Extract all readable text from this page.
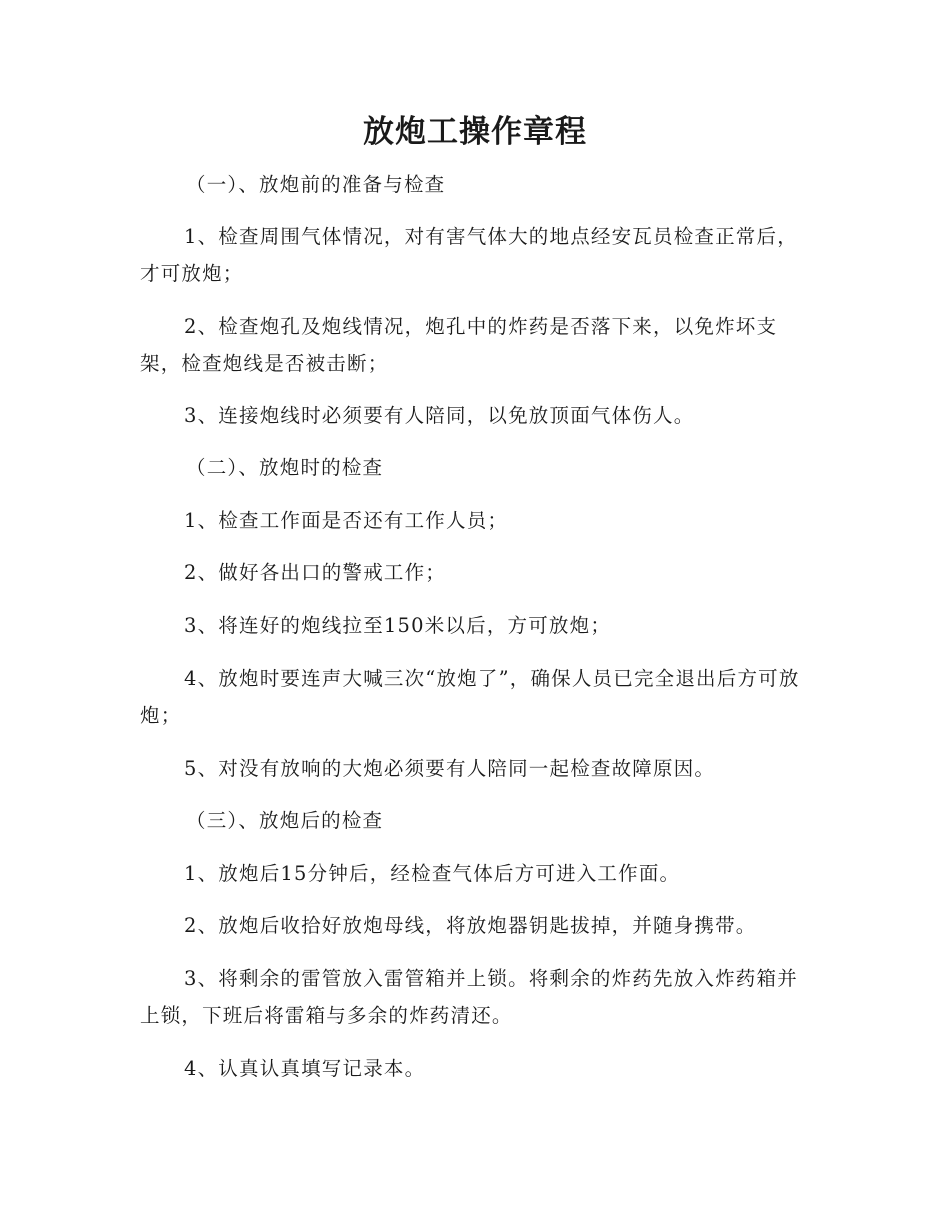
放炮工操作章程

（一）、放炮前的准备与检查

1、检查周围气体情况，对有害气体大的地点经安瓦员检查正常后，才可放炮；

2、检查炮孔及炮线情况，炮孔中的炸药是否落下来，以免炸坏支架，检查炮线是否被击断；

3、连接炮线时必须要有人陪同，以免放顶面气体伤人。

（二）、放炮时的检查

1、检查工作面是否还有工作人员；

2、做好各出口的警戒工作；

3、将连好的炮线拉至150米以后，方可放炮；

4、放炮时要连声大喊三次“放炮了”，确保人员已完全退出后方可放炮；

5、对没有放响的大炮必须要有人陪同一起检查故障原因。

（三）、放炮后的检查

1、放炮后15分钟后，经检查气体后方可进入工作面。

2、放炮后收拾好放炮母线，将放炮器钥匙拔掉，并随身携带。

3、将剩余的雷管放入雷管箱并上锁。将剩余的炸药先放入炸药箱并上锁，下班后将雷箱与多余的炸药清还。

4、认真认真填写记录本。
